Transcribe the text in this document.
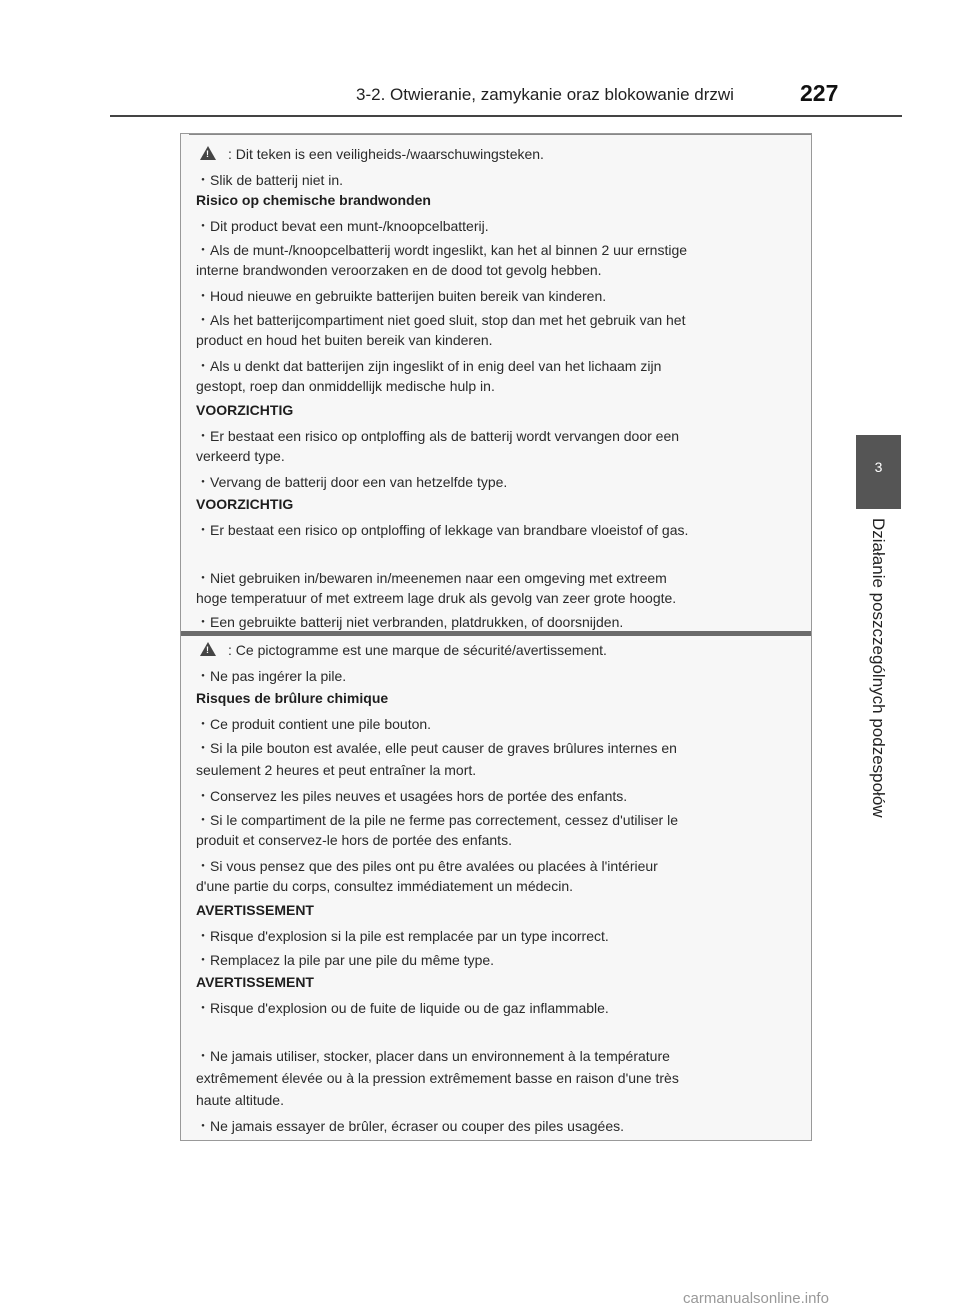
3-2. Otwieranie, zamykanie oraz blokowanie drzwi	227
3
Działanie poszczególnych podzespołów
!: Dit teken is een veiligheids-/waarschuwingsteken.
・Slik de batterij niet in.
Risico op chemische brandwonden
・Dit product bevat een munt-/knoopcelbatterij.
・Als de munt-/knoopcelbatterij wordt ingeslikt, kan het al binnen 2 uur ernstige
interne brandwonden veroorzaken en de dood tot gevolg hebben.
・Houd nieuwe en gebruikte batterijen buiten bereik van kinderen.
・Als het batterijcompartiment niet goed sluit, stop dan met het gebruik van het
product en houd het buiten bereik van kinderen.
・Als u denkt dat batterijen zijn ingeslikt of in enig deel van het lichaam zijn
gestopt, roep dan onmiddellijk medische hulp in.
VOORZICHTIG
・Er bestaat een risico op ontploffing als de batterij wordt vervangen door een
verkeerd type.
・Vervang de batterij door een van hetzelfde type.
VOORZICHTIG
・Er bestaat een risico op ontploffing of lekkage van brandbare vloeistof of gas.
・Niet gebruiken in/bewaren in/meenemen naar een omgeving met extreem
hoge temperatuur of met extreem lage druk als gevolg van zeer grote hoogte.
・Een gebruikte batterij niet verbranden, platdrukken, of doorsnijden.
!: Ce pictogramme est une marque de sécurité/avertissement.
・Ne pas ingérer la pile.
Risques de brûlure chimique
・Ce produit contient une pile bouton.
・Si la pile bouton est avalée, elle peut causer de graves brûlures internes en
seulement 2 heures et peut entraîner la mort.
・Conservez les piles neuves et usagées hors de portée des enfants.
・Si le compartiment de la pile ne ferme pas correctement, cessez d'utiliser le
produit et conservez-le hors de portée des enfants.
・Si vous pensez que des piles ont pu être avalées ou placées à l'intérieur
d'une partie du corps, consultez immédiatement un médecin.
AVERTISSEMENT
・Risque d'explosion si la pile est remplacée par un type incorrect.
・Remplacez la pile par une pile du même type.
AVERTISSEMENT
・Risque d'explosion ou de fuite de liquide ou de gaz inflammable.
・Ne jamais utiliser, stocker, placer dans un environnement à la température
extrêmement élevée ou à la pression extrêmement basse en raison d'une très
haute altitude.
・Ne jamais essayer de brûler, écraser ou couper des piles usagées.
carmanualsonline.info
